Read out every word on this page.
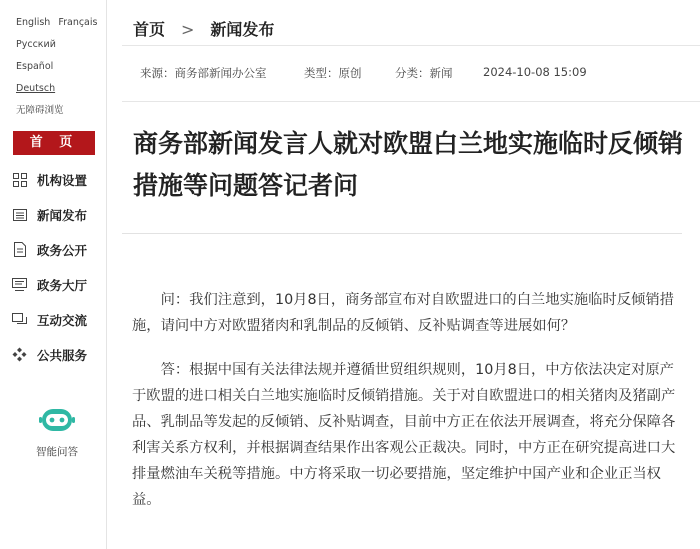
English Français
РусскийEspañol
Deutsch
无障碍浏览
首 页
机构设置
新闻发布
政务公开
政务大厅
互动交流
公共服务
智能问答
首页 > 新闻发布
来源：商务部新闻办公室	类型：原创	分类：新闻	2024-10-08 15:09
商务部新闻发言人就对欧盟白兰地实施临时反倾销措施等问题答记者问

问：我们注意到，10月8日，商务部宣布对自欧盟进口的白兰地实施临时反倾销措施，请问中方对欧盟猪肉和乳制品的反倾销、反补贴调查等进展如何？

答：根据中国有关法律法规并遵循世贸组织规则，10月8日，中方依法决定对原产于欧盟的进口相关白兰地实施临时反倾销措施。关于对自欧盟进口的相关猪肉及猪副产品、乳制品等发起的反倾销、反补贴调查，目前中方正在依法开展调查，将充分保障各利害关系方权利，并根据调查结果作出客观公正裁决。同时，中方正在研究提高进口大排量燃油车关税等措施。中方将采取一切必要措施，坚定维护中国产业和企业正当权益。
